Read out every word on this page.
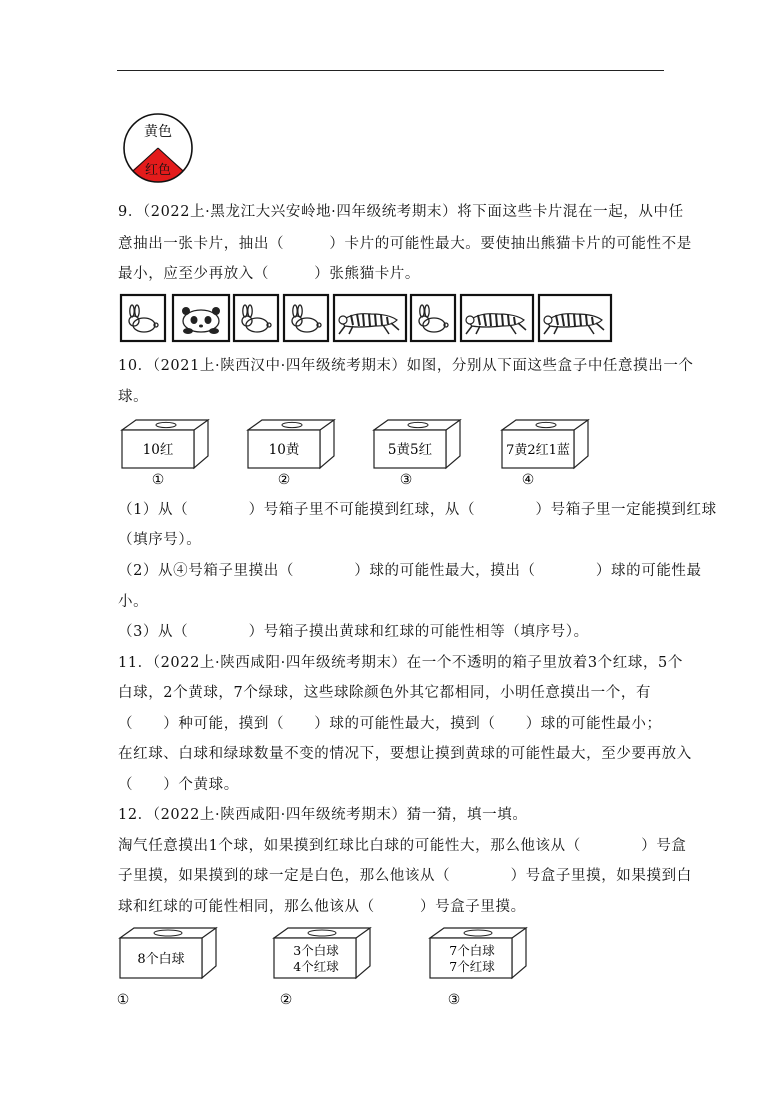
黄色
红色
9．（2022上·黑龙江大兴安岭地·四年级统考期末）将下面这些卡片混在一起，从中任
意抽出一张卡片，抽出（　　　）卡片的可能性最大。要使抽出熊猫卡片的可能性不是
最小，应至少再放入（　　　）张熊猫卡片。
10．（2021上·陕西汉中·四年级统考期末）如图，分别从下面这些盒子中任意摸出一个
球。
10红
①
10黄
②
5黄5红
③
7黄2红1蓝
④
（1）从（　　　　）号箱子里不可能摸到红球，从（　　　　）号箱子里一定能摸到红球
（填序号）。
（2）从④号箱子里摸出（　　　　）球的可能性最大，摸出（　　　　）球的可能性最
小。
（3）从（　　　　）号箱子摸出黄球和红球的可能性相等（填序号）。
11．（2022上·陕西咸阳·四年级统考期末）在一个不透明的箱子里放着3个红球，5个
白球，2个黄球，7个绿球，这些球除颜色外其它都相同，小明任意摸出一个，有
（　　）种可能，摸到（　　）球的可能性最大，摸到（　　）球的可能性最小；
在红球、白球和绿球数量不变的情况下，要想让摸到黄球的可能性最大，至少要再放入
（　　）个黄球。
12．（2022上·陕西咸阳·四年级统考期末）猜一猜，填一填。
淘气任意摸出1个球，如果摸到红球比白球的可能性大，那么他该从（　　　　）号盒
子里摸，如果摸到的球一定是白色，那么他该从（　　　　）号盒子里摸，如果摸到白
球和红球的可能性相同，那么他该从（　　　）号盒子里摸。
8个白球
①
3个白球
4个红球
②
7个白球
7个红球
③
